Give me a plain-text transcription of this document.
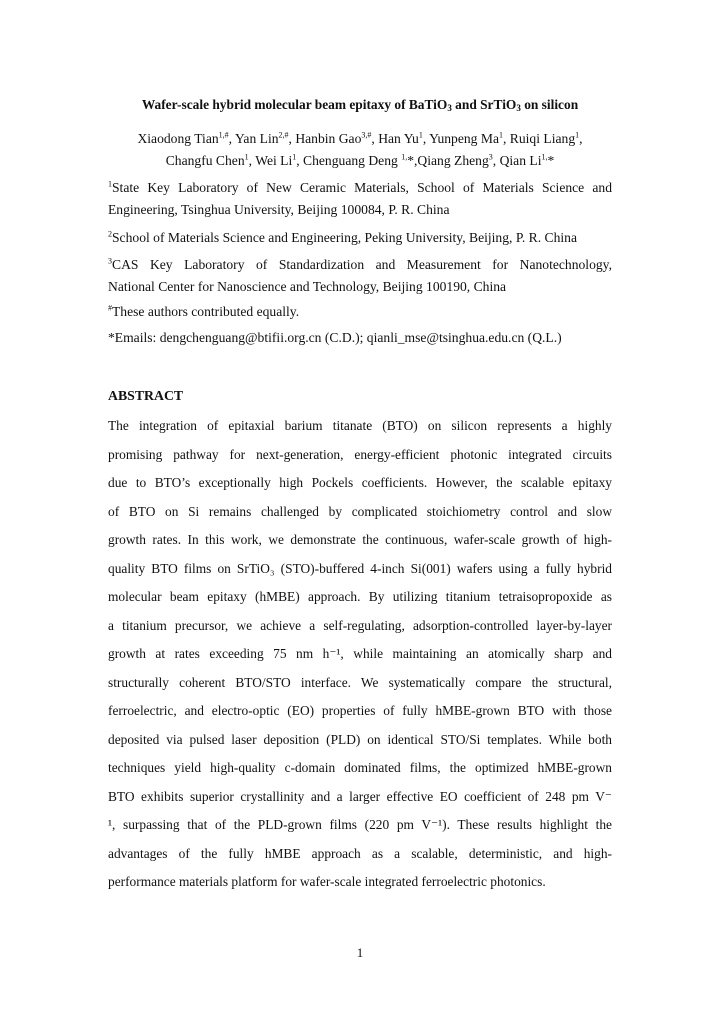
Wafer-scale hybrid molecular beam epitaxy of BaTiO$_3$ and SrTiO$_3$ on silicon
Xiaodong Tian$^{1,\#}$, Yan Lin$^{2,\#}$, Hanbin Gao$^{3,\#}$, Han Yu$^1$, Yunpeng Ma$^1$, Ruiqi Liang$^1$,
Changfu Chen$^1$, Wei Li$^1$, Chenguang Deng $^{1,}$*,Qiang Zheng$^3$, Qian $Li^{1,}*$
$^1$State Key Laboratory of New Ceramic Materials, School of Materials Science and
Engineering, Tsinghua University, Beijing 100084, P. R. China
$^2$School of Materials Science and Engineering, Peking University, Beijing, P. R. China
$^3$CAS Key Laboratory of Standardization and Measurement for Nanotechnology,
National Center for Nanoscience and Technology, Beijing 100190, China
#These authors contributed equally.
*Emails: dengchenguang@btifii.org.cn (C.D.); qianli_mse@tsinghua.edu.cn (Q.L.)
ABSTRACT
The integration of epitaxial barium titanate (BTO) on silicon represents a highly
promising pathway for next-generation, energy-efficient photonic integrated circuits
due to BTO’s exceptionally high Pockels coefficients. However, the scalable epitaxy
of BTO on Si remains challenged by complicated stoichiometry control and slow
growth rates. In this work, we demonstrate the continuous, wafer-scale growth of high-
quality BTO films on SrTiO₃ (STO)-buffered 4-inch Si(001) wafers using a fully hybrid
molecular beam epitaxy (hMBE) approach. By utilizing titanium tetraisopropoxide as
a titanium precursor, we achieve a self-regulating, adsorption-controlled layer-by-layer
growth at rates exceeding 75 nm h⁻¹, while maintaining an atomically sharp and
structurally coherent BTO/STO interface. We systematically compare the structural,
ferroelectric, and electro-optic (EO) properties of fully hMBE-grown BTO with those
deposited via pulsed laser deposition (PLD) on identical STO/Si templates. While both
techniques yield high-quality c-domain dominated films, the optimized hMBE-grown
BTO exhibits superior crystallinity and a larger effective EO coefficient of 248 pm V⁻
¹, surpassing that of the PLD-grown films (220 pm V⁻¹). These results highlight the
advantages of the fully hMBE approach as a scalable, deterministic, and high-
performance materials platform for wafer-scale integrated ferroelectric photonics.
1
